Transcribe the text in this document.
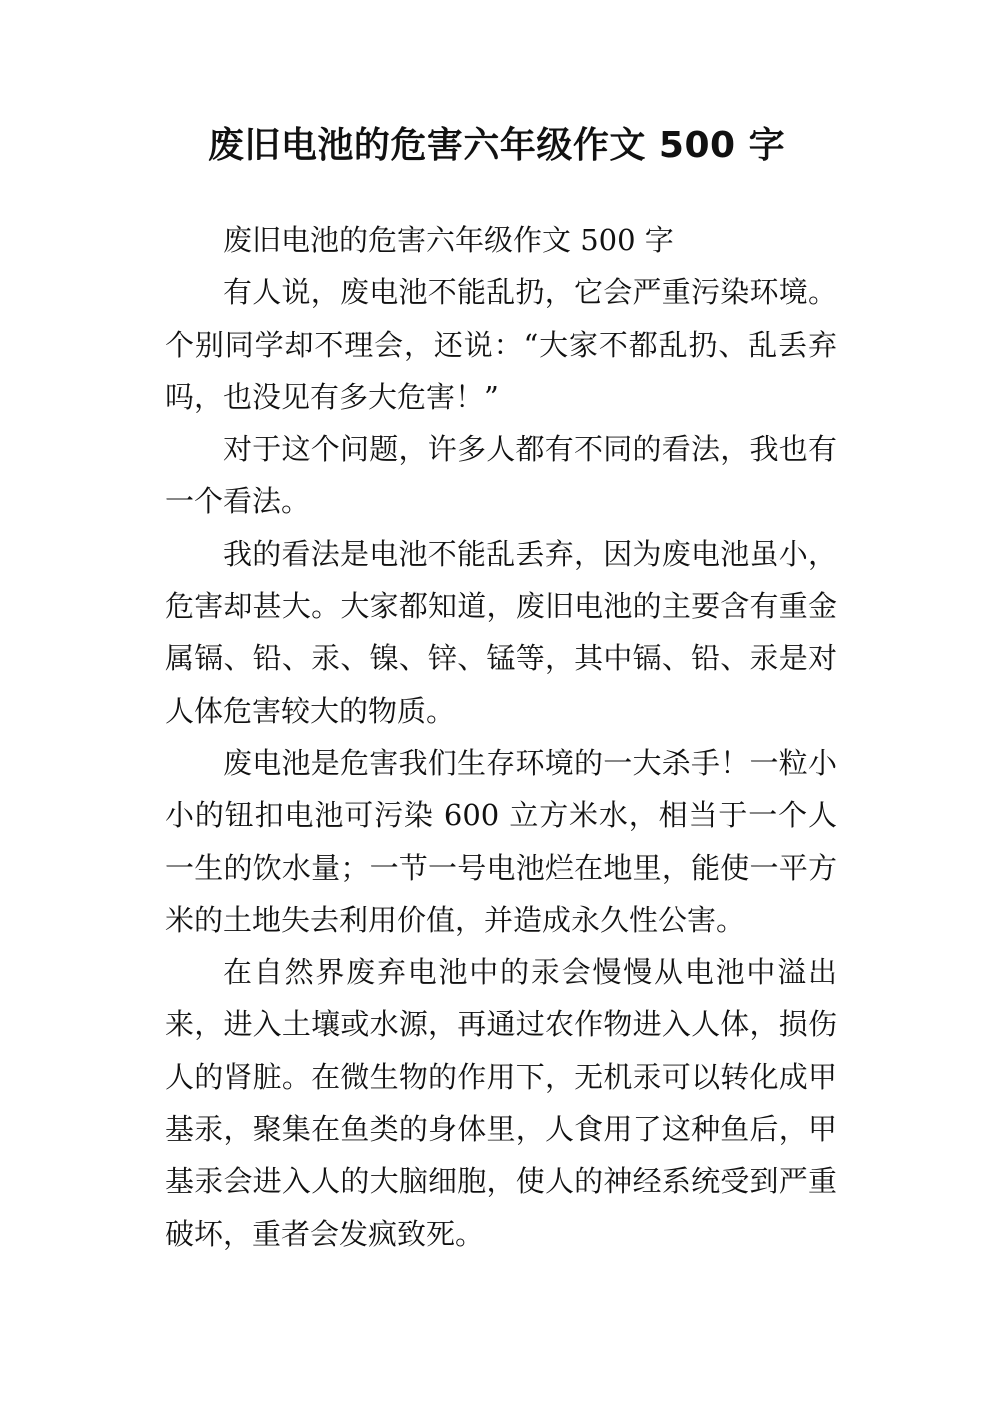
废旧电池的危害六年级作文 500 字

废旧电池的危害六年级作文 500 字

有人说，废电池不能乱扔，它会严重污染环境。个别同学却不理会，还说：“大家不都乱扔、乱丢弃吗，也没见有多大危害！”

对于这个问题，许多人都有不同的看法，我也有一个看法。

我的看法是电池不能乱丢弃，因为废电池虽小，危害却甚大。大家都知道，废旧电池的主要含有重金属镉、铅、汞、镍、锌、锰等，其中镉、铅、汞是对人体危害较大的物质。

废电池是危害我们生存环境的一大杀手！一粒小小的钮扣电池可污染 600 立方米水，相当于一个人一生的饮水量；一节一号电池烂在地里，能使一平方米的土地失去利用价值，并造成永久性公害。

在自然界废弃电池中的汞会慢慢从电池中溢出来，进入土壤或水源，再通过农作物进入人体，损伤人的肾脏。在微生物的作用下，无机汞可以转化成甲基汞，聚集在鱼类的身体里，人食用了这种鱼后，甲基汞会进入人的大脑细胞，使人的神经系统受到严重破坏，重者会发疯致死。
